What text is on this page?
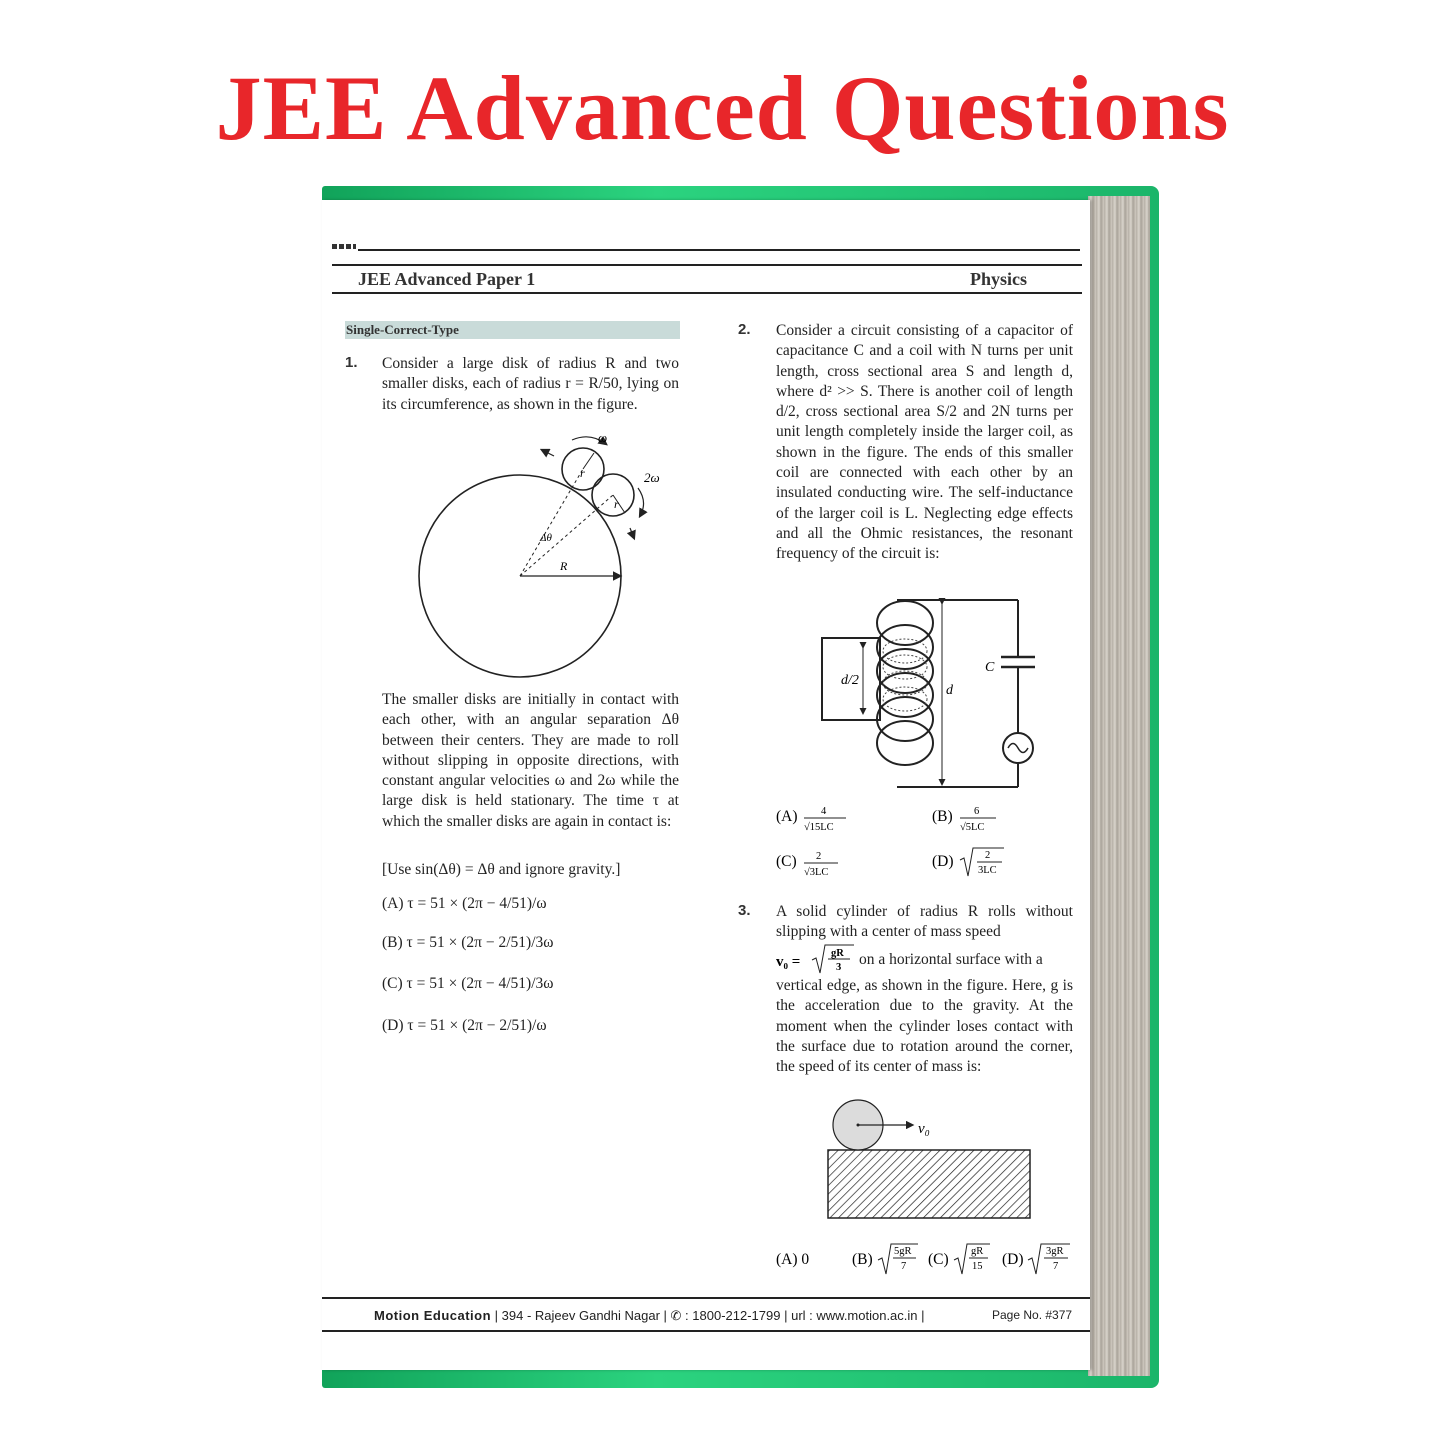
JEE Advanced Questions
JEE Advanced Paper 1	Physics
Single-Correct-Type
1. Consider a large disk of radius R and two smaller disks, each of radius r = R/50, lying on its circumference, as shown in the figure.
ω
2ω
r
r
Δθ
R
The smaller disks are initially in contact with each other, with an angular separation Δθ between their centers. They are made to roll without slipping in opposite directions, with constant angular velocities ω and 2ω while the large disk is held stationary. The time τ at which the smaller disks are again in contact is:
[Use sin(Δθ) = Δθ and ignore gravity.]
(A) τ = 51 × (2π − 4/51)/ω
(B) τ = 51 × (2π − 2/51)/3ω
(C) τ = 51 × (2π − 4/51)/3ω
(D) τ = 51 × (2π − 2/51)/ω
2. Consider a circuit consisting of a capacitor of capacitance C and a coil with N turns per unit length, cross sectional area S and length d, where d² >> S. There is another coil of length d/2, cross sectional area S/2 and 2N turns per unit length completely inside the larger coil, as shown in the figure. The ends of this smaller coil are connected with each other by an insulated conducting wire. The self-inductance of the larger coil is L. Neglecting edge effects and all the Ohmic resistances, the resonant frequency of the circuit is:
d/2
d
C
(A) 4
√15LC
(B) 6
√5LC
(C) 2
√3LC
(D)	2
3LC
3. A solid cylinder of radius R rolls without slipping with a center of mass speed
v₀ =
gR
3 on a horizontal surface with a
vertical edge, as shown in the figure. Here, g is the acceleration due to the gravity. At the moment when the cylinder loses contact with the surface due to rotation around the corner, the speed of its center of mass is:
v₀
(A) 0	(B) 5gR
7 (C) gR
15 (D) 3gR
7
Motion Education | 394 - Rajeev Gandhi Nagar | ✆ : 1800-212-1799 | url : www.motion.ac.in |	Page No. #377
